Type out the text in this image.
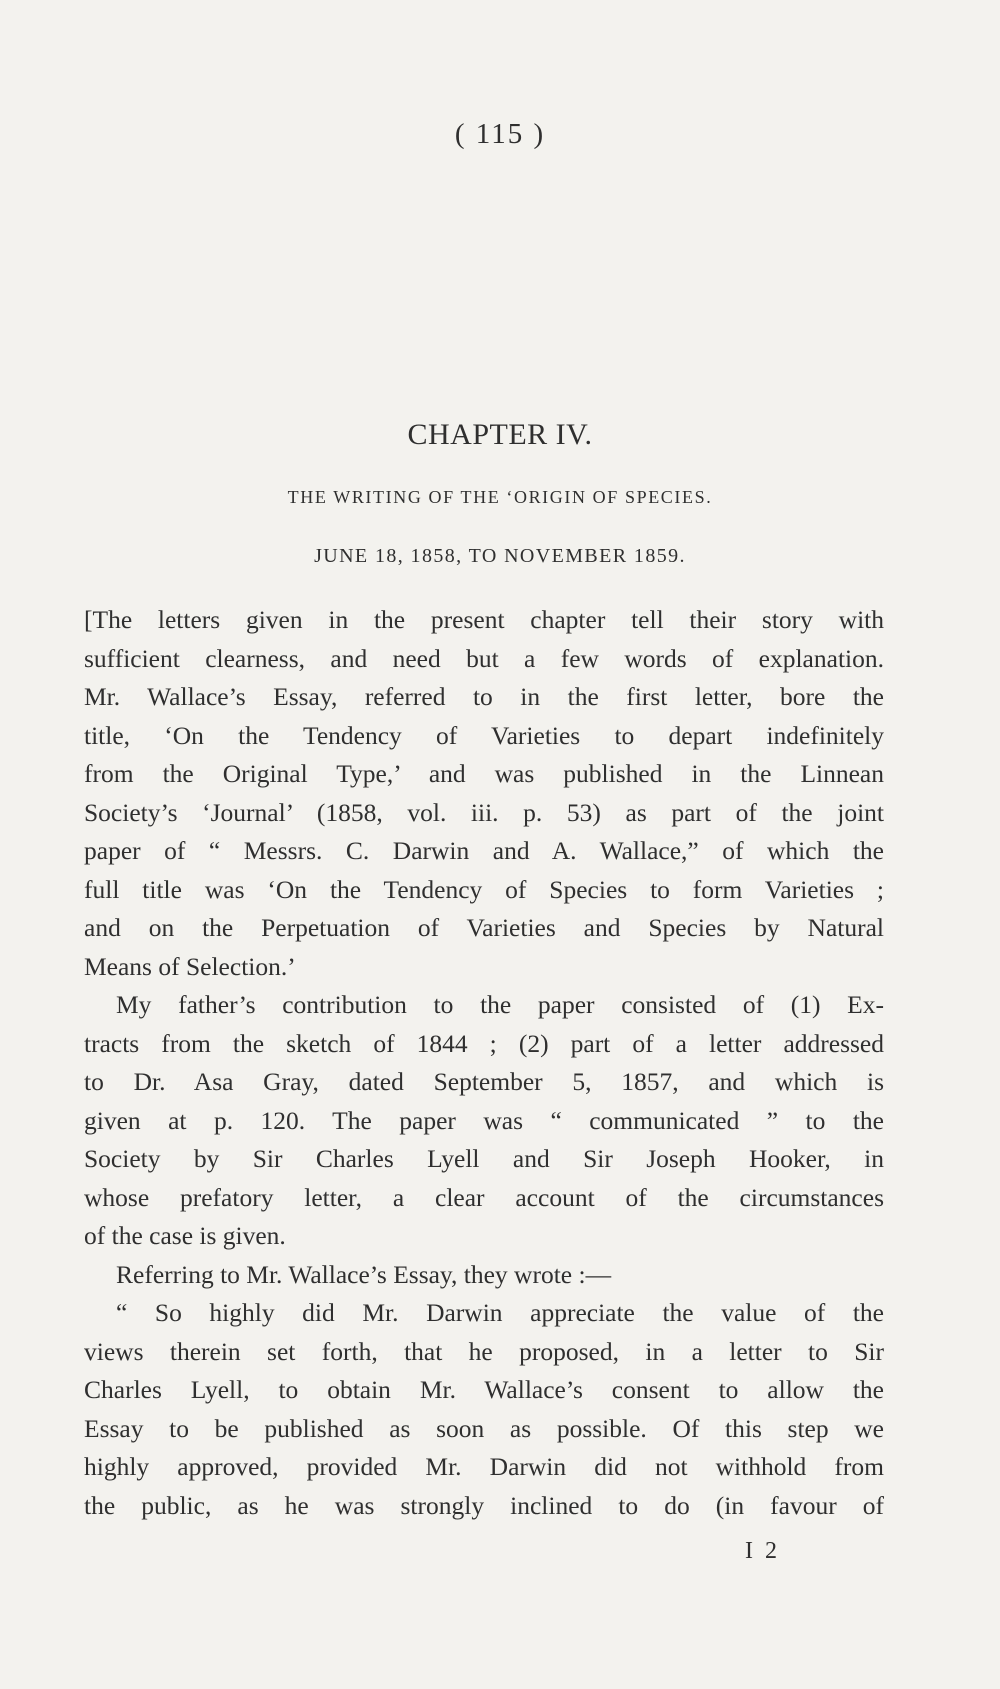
( 115 )
CHAPTER IV.
THE WRITING OF THE ‘ORIGIN OF SPECIES.
JUNE 18, 1858, TO NOVEMBER 1859.
[The letters given in the present chapter tell their story with
sufficient clearness, and need but a few words of explanation.
Mr. Wallace’s Essay, referred to in the first letter, bore the
title, ‘On the Tendency of Varieties to depart indefinitely
from the Original Type,’ and was published in the Linnean
Society’s ‘Journal’ (1858, vol. iii. p. 53) as part of the joint
paper of “ Messrs. C. Darwin and A. Wallace,” of which the
full title was ‘On the Tendency of Species to form Varieties ;
and on the Perpetuation of Varieties and Species by Natural
Means of Selection.’
My father’s contribution to the paper consisted of (1) Ex-
tracts from the sketch of 1844 ; (2) part of a letter addressed
to Dr. Asa Gray, dated September 5, 1857, and which is
given at p. 120. The paper was “ communicated ” to the
Society by Sir Charles Lyell and Sir Joseph Hooker, in
whose prefatory letter, a clear account of the circumstances
of the case is given.
Referring to Mr. Wallace’s Essay, they wrote :—
“ So highly did Mr. Darwin appreciate the value of the
views therein set forth, that he proposed, in a letter to Sir
Charles Lyell, to obtain Mr. Wallace’s consent to allow the
Essay to be published as soon as possible. Of this step we
highly approved, provided Mr. Darwin did not withhold from
the public, as he was strongly inclined to do (in favour of
I 2
